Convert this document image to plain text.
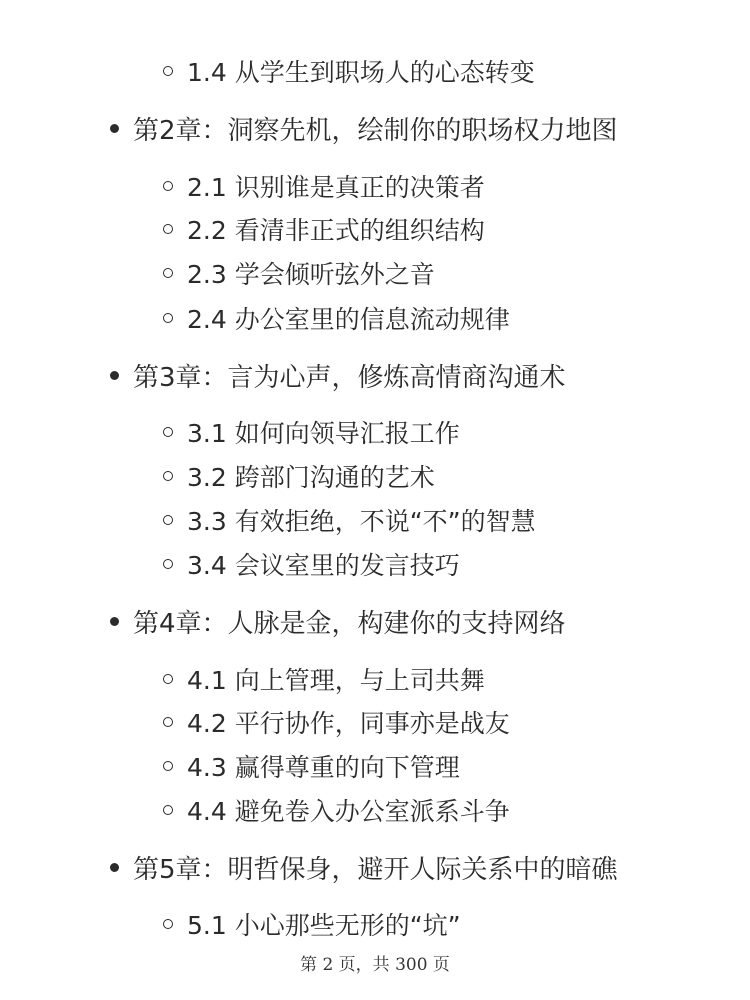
1.4 从学生到职场人的心态转变
第2章：洞察先机，绘制你的职场权力地图
2.1 识别谁是真正的决策者
2.2 看清非正式的组织结构
2.3 学会倾听弦外之音
2.4 办公室里的信息流动规律
第3章：言为心声，修炼高情商沟通术
3.1 如何向领导汇报工作
3.2 跨部门沟通的艺术
3.3 有效拒绝，不说“不”的智慧
3.4 会议室里的发言技巧
第4章：人脉是金，构建你的支持网络
4.1 向上管理，与上司共舞
4.2 平行协作，同事亦是战友
4.3 赢得尊重的向下管理
4.4 避免卷入办公室派系斗争
第5章：明哲保身，避开人际关系中的暗礁
5.1 小心那些无形的“坑”
第 2 页，共 300 页
